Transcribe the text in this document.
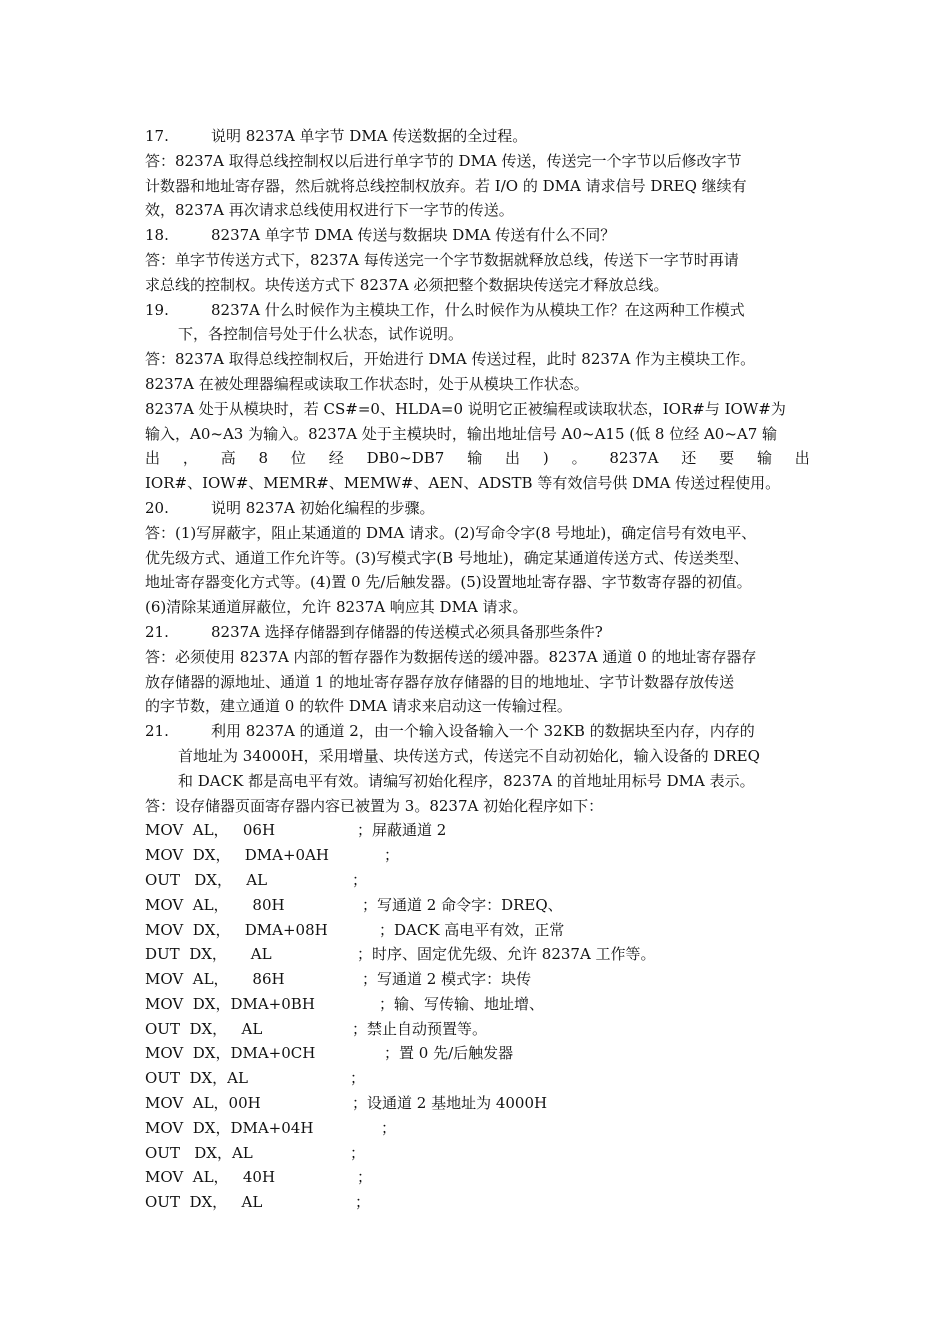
17.	说明 8237A 单字节 DMA 传送数据的全过程。
答：8237A 取得总线控制权以后进行单字节的 DMA 传送，传送完一个字节以后修改字节
计数器和地址寄存器，然后就将总线控制权放弃。若 I/O 的 DMA 请求信号 DREQ 继续有
效，8237A 再次请求总线使用权进行下一字节的传送。
18.	8237A 单字节 DMA 传送与数据块 DMA 传送有什么不同？
答：单字节传送方式下，8237A 每传送完一个字节数据就释放总线，传送下一字节时再请
求总线的控制权。块传送方式下 8237A 必须把整个数据块传送完才释放总线。
19.	8237A 什么时候作为主模块工作，什么时候作为从模块工作？在这两种工作模式
下，各控制信号处于什么状态，试作说明。
答：8237A 取得总线控制权后，开始进行 DMA 传送过程，此时 8237A 作为主模块工作。
8237A 在被处理器编程或读取工作状态时，处于从模块工作状态。
8237A 处于从模块时，若 CS#=0、HLDA=0 说明它正被编程或读取状态，IOR#与 IOW#为
输入，A0~A3 为输入。8237A 处于主模块时，输出地址信号 A0~A15 (低 8 位经 A0~A7 输
出 ， 高 8 位 经 DB0~DB7 输 出 ) 。 8237A 还 要 输 出
IOR#、IOW#、MEMR#、MEMW#、AEN、ADSTB 等有效信号供 DMA 传送过程使用。
20.	说明 8237A 初始化编程的步骤。
答：(1)写屏蔽字，阻止某通道的 DMA 请求。(2)写命令字(8 号地址)，确定信号有效电平、
优先级方式、通道工作允许等。(3)写模式字(B 号地址)，确定某通道传送方式、传送类型、
地址寄存器变化方式等。(4)置 0 先/后触发器。(5)设置地址寄存器、字节数寄存器的初值。
(6)清除某通道屏蔽位，允许 8237A 响应其 DMA 请求。
21.	8237A 选择存储器到存储器的传送模式必须具备那些条件?
答：必须使用 8237A 内部的暂存器作为数据传送的缓冲器。8237A 通道 0 的地址寄存器存
放存储器的源地址、通道 1 的地址寄存器存放存储器的目的地地址、字节计数器存放传送
的字节数，建立通道 0 的软件 DMA 请求来启动这一传输过程。
21.	利用 8237A 的通道 2，由一个输入设备输入一个 32KB 的数据块至内存，内存的
首地址为 34000H，采用增量、块传送方式，传送完不自动初始化，输入设备的 DREQ
和 DACK 都是高电平有效。请编写初始化程序，8237A 的首地址用标号 DMA 表示。
答：设存储器页面寄存器内容已被置为 3。8237A 初始化程序如下：
MOV  AL，   06H	；屏蔽通道 2
MOV  DX，   DMA+0AH	；
OUT   DX，   AL	；
MOV  AL，     80H	；写通道 2 命令字：DREQ、
MOV  DX，   DMA+08H	；DACK 高电平有效，正常
DUT  DX，     AL	；时序、固定优先级、允许 8237A 工作等。
MOV  AL，     86H	；写通道 2 模式字：块传
MOV  DX，DMA+0BH	；输、写传输、地址增、
OUT  DX，   AL	；禁止自动预置等。
MOV  DX，DMA+0CH	；置 0 先/后触发器
OUT  DX，AL	；
MOV  AL，00H	；设通道 2 基地址为 4000H
MOV  DX，DMA+04H	；
OUT   DX，AL	；
MOV  AL，   40H	；
OUT  DX，   AL	；
